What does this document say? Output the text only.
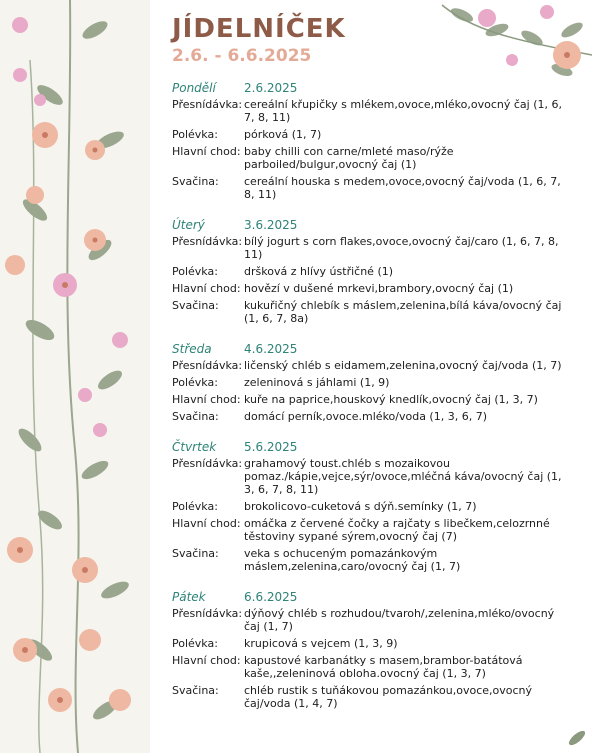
JÍDELNÍČEK
2.6. - 6.6.2025
Pondělí	2.6.2025
Přesnídávka: cereální křupičky s mlékem,ovoce,mléko,ovocný čaj (1, 6, 7, 8, 11)
Polévka:	pórková (1, 7)
Hlavní chod: baby chilli con carne/mleté maso/rýže parboiled/bulgur,ovocný čaj (1)
Svačina:	cereální houska s medem,ovoce,ovocný čaj/voda (1, 6, 7, 8, 11)
Úterý	3.6.2025
Přesnídávka: bílý jogurt s corn flakes,ovoce,ovocný čaj/caro (1, 6, 7, 8, 11)
Polévka:	dršková z hlívy ústřičné (1)
Hlavní chod: hovězí v dušené mrkevi,brambory,ovocný čaj (1)
Svačina:	kukuřičný chlebík s máslem,zelenina,bílá káva/ovocný čaj (1, 6, 7, 8a)
Středa	4.6.2025
Přesnídávka: ličenský chléb s eidamem,zelenina,ovocný čaj/voda (1, 7)
Polévka:	zeleninová s jáhlami (1, 9)
Hlavní chod: kuře na paprice,houskový knedlík,ovocný čaj (1, 3, 7)
Svačina:	domácí perník,ovoce.mléko/voda (1, 3, 6, 7)
Čtvrtek	5.6.2025
Přesnídávka: grahamový toust.chléb s mozaikovou pomaz./kápie,vejce,sýr/ovoce,mléčná káva/ovocný čaj (1, 3, 6, 7, 8, 11)
Polévka:	brokolicovo-cuketová s dýň.semínky (1, 7)
Hlavní chod: omáčka z červené čočky a rajčaty s libečkem,celozrnné těstoviny sypané sýrem,ovocný čaj (7)
Svačina:	veka s ochuceným pomazánkovým máslem,zelenina,caro/ovocný čaj (1, 7)
Pátek	6.6.2025
Přesnídávka: dýňový chléb s rozhudou/tvaroh/,zelenina,mléko/ovocný čaj (1, 7)
Polévka:	krupicová s vejcem (1, 3, 9)
Hlavní chod: kapustové karbanátky s masem,brambor-batátová kaše,,zeleninová obloha.ovocný čaj (1, 3, 7)
Svačina:	chléb rustik s tuňákovou pomazánkou,ovoce,ovocný čaj/voda (1, 4, 7)
